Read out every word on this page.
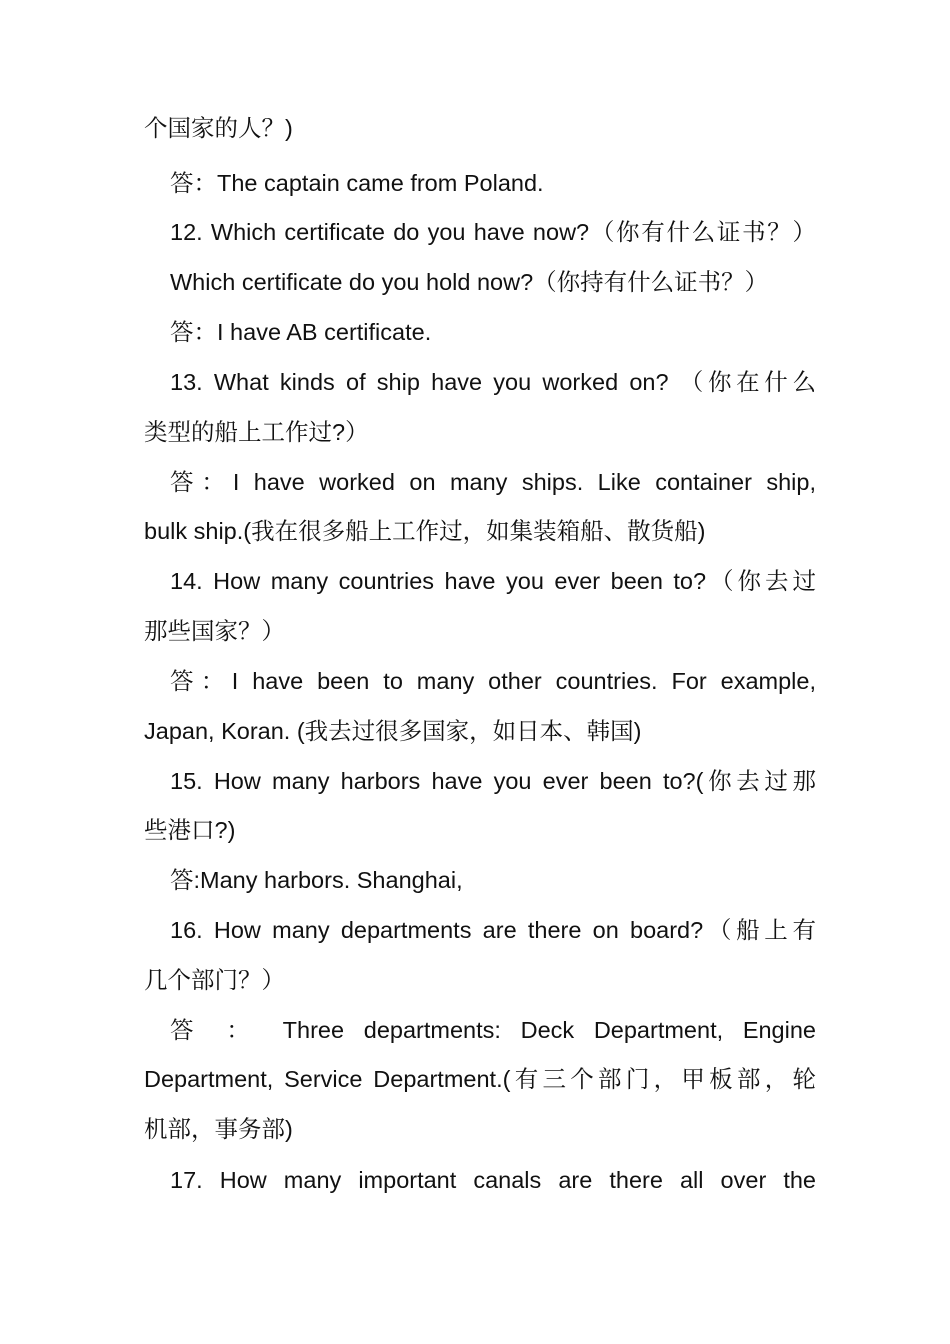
个国家的人？)
答：The captain came from Poland.
12. Which certificate do you have now?（你有什么证书？）
Which certificate do you hold now?（你持有什么证书？）
答：I have AB certificate.
13. What kinds of ship have you worked on? （你在什么
类型的船上工作过?）
答：I have worked on many ships. Like container ship,
bulk ship.(我在很多船上工作过，如集装箱船、散货船)
14. How many countries have you ever been to?（你去过
那些国家？）
答：I have been to many other countries. For example,
Japan, Koran. (我去过很多国家，如日本、韩国)
15. How many harbors have you ever been to?(你去过那
些港口?)
答:Many harbors. Shanghai,
16. How many departments are there on board?（船上有
几个部门？）
答 ： Three departments: Deck Department, Engine
Department, Service Department.(有三个部门，甲板部，轮
机部，事务部)
17. How many important canals are there all over the
